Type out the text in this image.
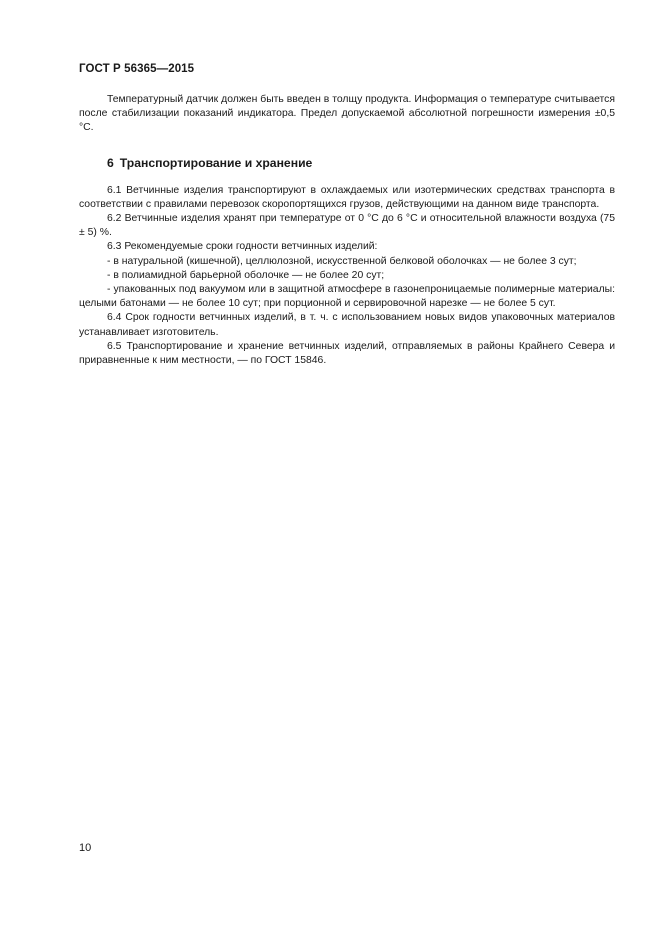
ГОСТ Р 56365—2015

Температурный датчик должен быть введен в толщу продукта. Информация о температуре считывается после стабилизации показаний индикатора. Предел допускаемой абсолютной погрешности измерения ±0,5 °С.

6 Транспортирование и хранение

6.1 Ветчинные изделия транспортируют в охлаждаемых или изотермических средствах транспорта в соответствии с правилами перевозок скоропортящихся грузов, действующими на данном виде транспорта.

6.2 Ветчинные изделия хранят при температуре от 0 °С до 6 °С и относительной влажности воздуха (75 ± 5) %.

6.3 Рекомендуемые сроки годности ветчинных изделий:

- в натуральной (кишечной), целлюлозной, искусственной белковой оболочках — не более 3 сут;

- в полиамидной барьерной оболочке — не более 20 сут;

- упакованных под вакуумом или в защитной атмосфере в газонепроницаемые полимерные материалы: целыми батонами — не более 10 сут; при порционной и сервировочной нарезке — не более 5 сут.

6.4 Срок годности ветчинных изделий, в т. ч. с использованием новых видов упаковочных материалов устанавливает изготовитель.

6.5 Транспортирование и хранение ветчинных изделий, отправляемых в районы Крайнего Севера и приравненные к ним местности, — по ГОСТ 15846.

10
